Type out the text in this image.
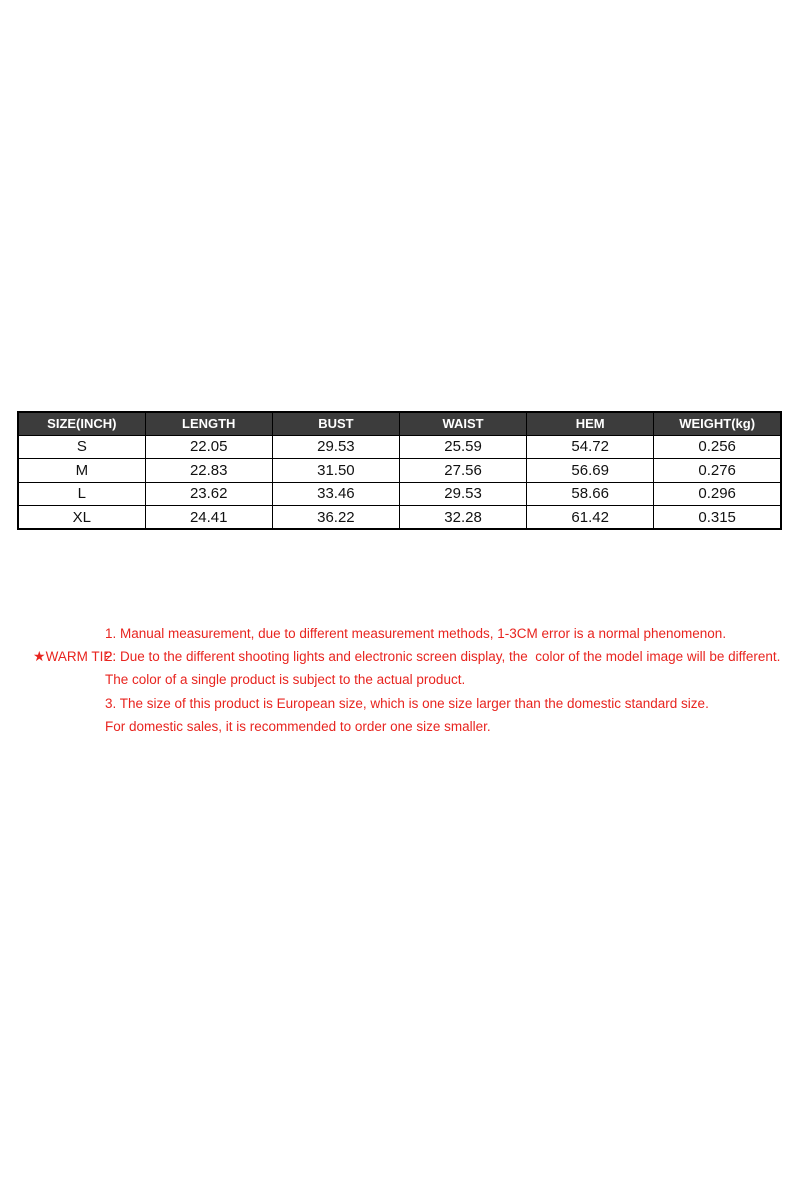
SIZE(INCH)	LENGTH	BUST	WAIST	HEM	WEIGHT(kg)
S	22.05	29.53	25.59	54.72	0.256
M	22.83	31.50	27.56	56.69	0.276
L	23.62	33.46	29.53	58.66	0.296
XL	24.41	36.22	32.28	61.42	0.315

★WARM TIP:

1. Manual measurement, due to different measurement methods, 1-3CM error is a normal phenomenon.
2. Due to the different shooting lights and electronic screen display, the  color of the model image will be different.
The color of a single product is subject to the actual product.
3. The size of this product is European size, which is one size larger than the domestic standard size.
For domestic sales, it is recommended to order one size smaller.
